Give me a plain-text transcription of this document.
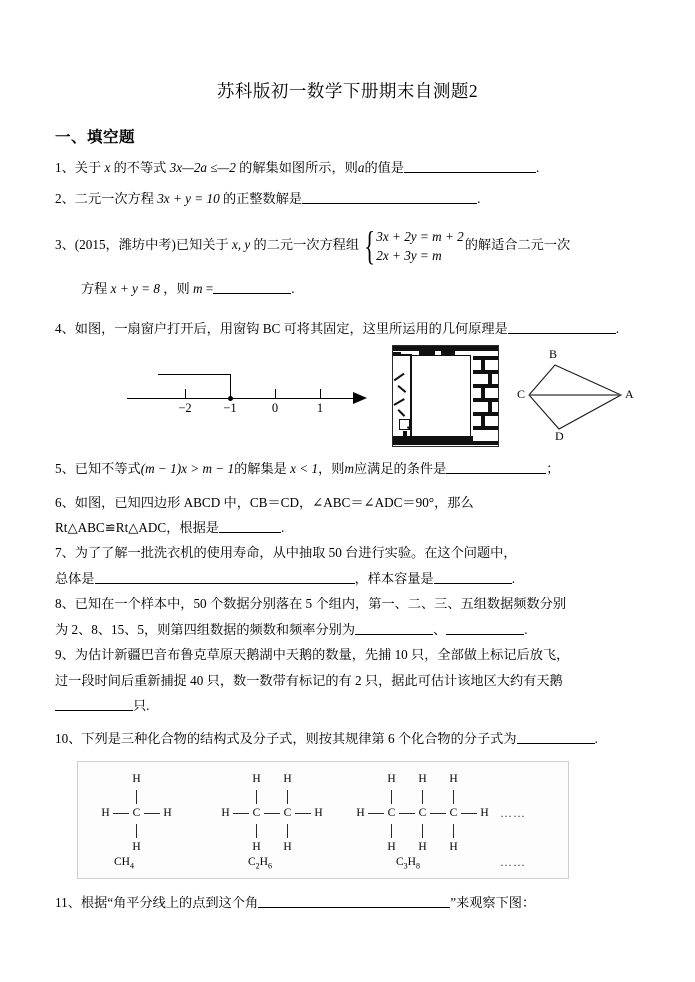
苏科版初一数学下册期末自测题2
一、填空题
1、关于 x 的不等式 3x—2a ≤—2 的解集如图所示，则a的值是	.
2、二元一次方程 3x + y = 10 的正整数解是	.
3、(2015，潍坊中考)已知关于 x, y 的二元一次方程组 { 3x + 2y = m + 2
2x + 3y = m
的解适合二元一次
方程 x + y = 8 ，则 m =	.
4、如图，一扇窗户打开后，用窗钩 BC 可将其固定，这里所运用的几何原理是	.
−2	−1	0	1
B
C	A
D
5、已知不等式(m − 1)x > m − 1的解集是 x < 1，则m应满足的条件是	；
6、如图，已知四边形 ABCD 中，CB＝CD，∠ABC＝∠ADC＝90°，那么
Rt△ABC≌Rt△ADC，根据是	.
7、为了了解一批洗衣机的使用寿命，从中抽取 50 台进行实验。在这个问题中，
总体是	，样本容量是	.
8、已知在一个样本中，50 个数据分别落在 5 个组内，第一、二、三、五组数据频数分别
为 2、8、15、5，则第四组数据的频数和频率分别为	、	.
9、为估计新疆巴音布鲁克草原天鹅湖中天鹅的数量，先捕 10 只，全部做上标记后放飞，
过一段时间后重新捕捉 40 只，数一数带有标记的有 2 只，据此可估计该地区大约有天鹅
只.
10、下列是三种化合物的结构式及分子式，则按其规律第 6 个化合物的分子式为	.
		H		

H		C		H

		H		
$CH_4$
		H		H		

H		C		C		H

		H		H		
$C_2H_6$
		H		H		H		

H		C		C		C		H

		H		H		H		
$C_3H_8$
……
……
11、根据“角平分线上的点到这个角	”来观察下图：
